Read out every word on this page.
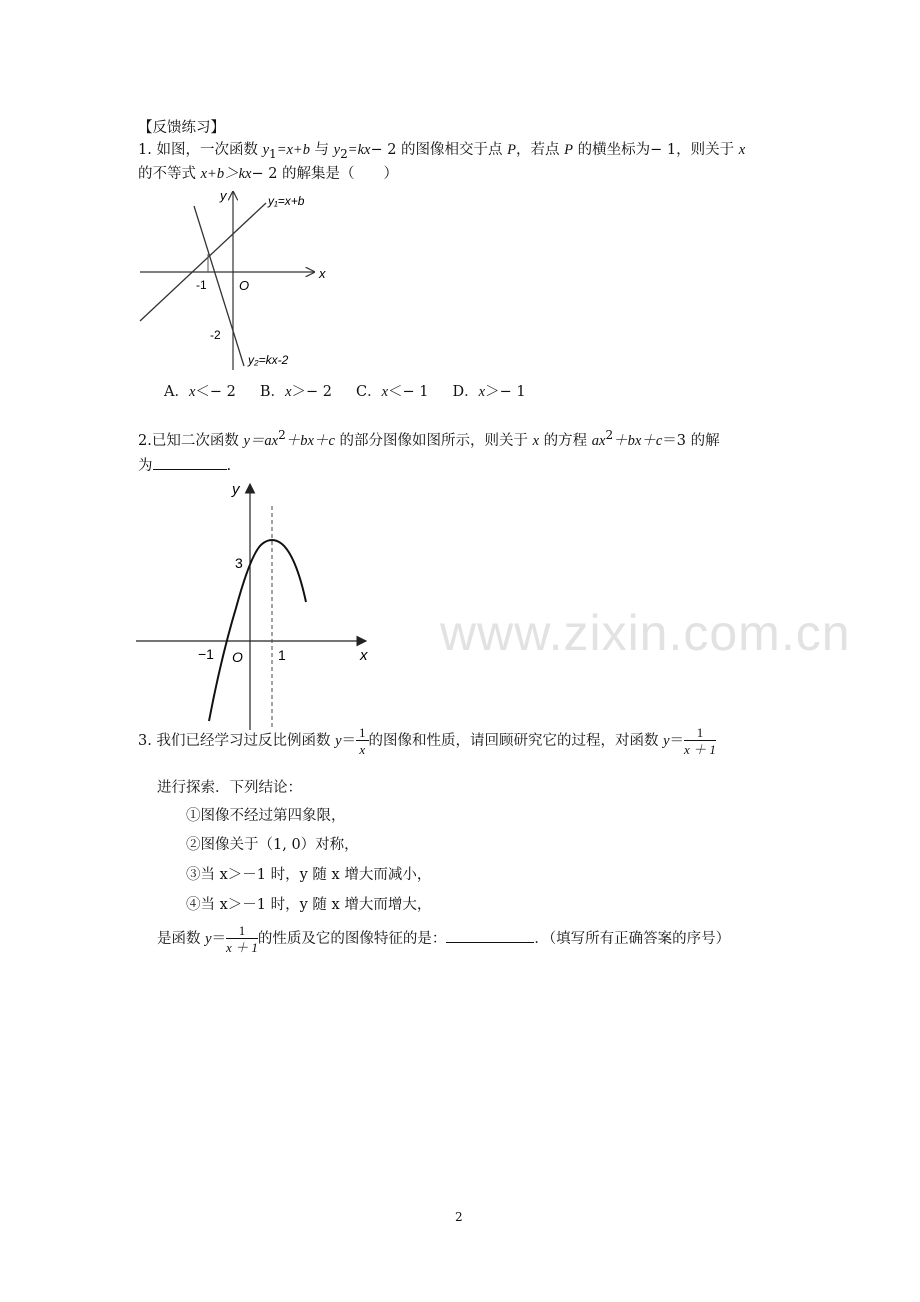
【反馈练习】
1. 如图，一次函数 $y_1=x+b$ 与 $y_2=kx- 2$ 的图像相交于点 P，若点 P 的横坐标为− 1，则关于 x
的不等式 x+b＞kx− 2 的解集是（　　）
y
x
O
-1
-2
y₁=x+b
y₂=kx-2
A．x＜− 2 B．x＞− 2 C．x＜− 1 D．x＞− 1
2.已知二次函数 $y=ax^2+bx+c$ 的部分图像如图所示，则关于 x 的方程 $ax^2+bx+c=3$ 的解
为	.
y
x
O
−1	1
3
3. 我们已经学习过反比例函数 $y= \frac{1}{x}$ 的图像和性质，请回顾研究它的过程，对函数 $y= \frac{1}{x + 1}$
进行探索．下列结论：
①图像不经过第四象限，
②图像关于（1, 0）对称，
③当 x＞－1 时，y 随 x 增大而减小，
④当 x＞－1 时，y 随 x 增大而增大，
是函数 $y= \frac{1}{x + 1}$ 的性质及它的图像特征的是：	．（填写所有正确答案的序号）
www.zixin.com.cn
2
